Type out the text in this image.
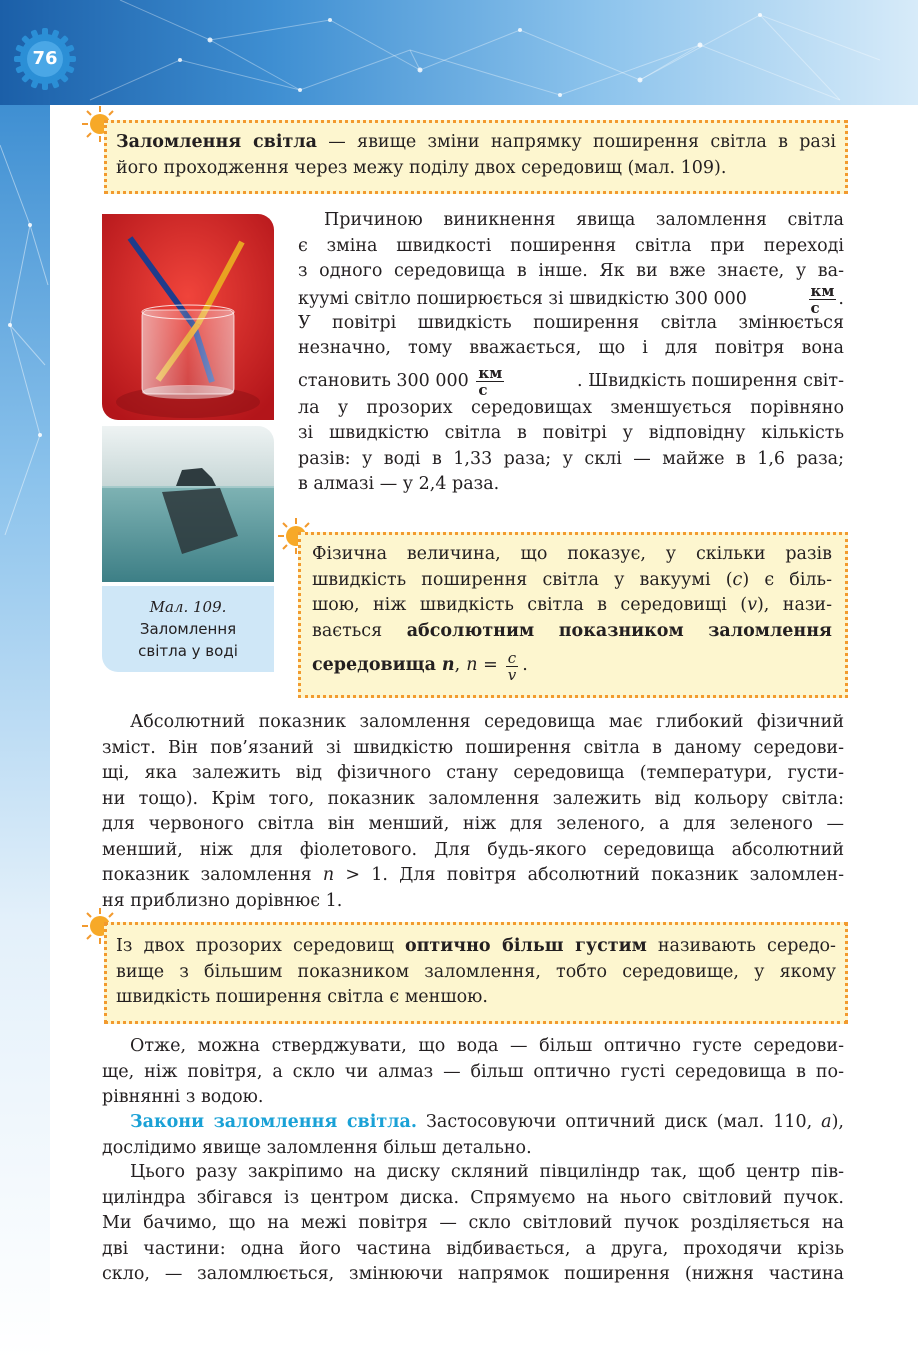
76
Заломлення світла — явище зміни напрямку поширення світла в разі
його проходження через межу поділу двох середовищ (мал. 109).
Мал. 109.
Заломлення
світла у воді
Причиною виникнення явища заломлення світла
є зміна швидкості поширення світла при переході
з одного середовища в інше. Як ви вже знаєте, у ва-
куумі світло поширюється зі швидкістю 300 000	$\frac{км}{с}$ .
У повітрі швидкість поширення світла змінюється
незначно, тому вважається, що і для повітря вона
становить 300 000
$\frac{км}{с}$	. Швидкість поширення світ-
ла у прозорих середовищах зменшується порівняно
зі швидкістю світла в повітрі у відповідну кількість
разів: у воді в 1,33 раза; у склі — майже в 1,6 раза;
в алмазі — у 2,4 раза.
Фізична величина, що показує, у скільки разів
швидкість поширення світла у вакуумі (c) є біль-
шою, ніж швидкість світла в середовищі (v), нази-
вається абсолютним показником заломлення
середовища n , $n = \frac{c}{v}$ .
Абсолютний показник заломлення середовища має глибокий фізичний
зміст. Він пов’язаний зі швидкістю поширення світла в даному середови-
щі, яка залежить від фізичного стану середовища (температури, густи-
ни тощо). Крім того, показник заломлення залежить від кольору світла:
для червоного світла він менший, ніж для зеленого, а для зеленого —
менший, ніж для фіолетового. Для будь-якого середовища абсолютний
показник заломлення n > 1. Для повітря абсолютний показник заломлен-
ня приблизно дорівнює 1.
Із двох прозорих середовищ оптично більш густим називають середо-
вище з більшим показником заломлення, тобто середовище, у якому
швидкість поширення світла є меншою.
Отже, можна стверджувати, що вода — більш оптично густе середови-
ще, ніж повітря, а скло чи алмаз — більш оптично густі середовища в по-
рівнянні з водою.
Закони заломлення світла. Застосовуючи оптичний диск (мал. 110, а),
дослідимо явище заломлення більш детально.
Цього разу закріпимо на диску скляний півциліндр так, щоб центр пів-
циліндра збігався із центром диска. Спрямуємо на нього світловий пучок.
Ми бачимо, що на межі повітря — скло світловий пучок розділяється на
дві частини: одна його частина відбивається, а друга, проходячи крізь
скло, — заломлюється, змінюючи напрямок поширення (нижня частина
